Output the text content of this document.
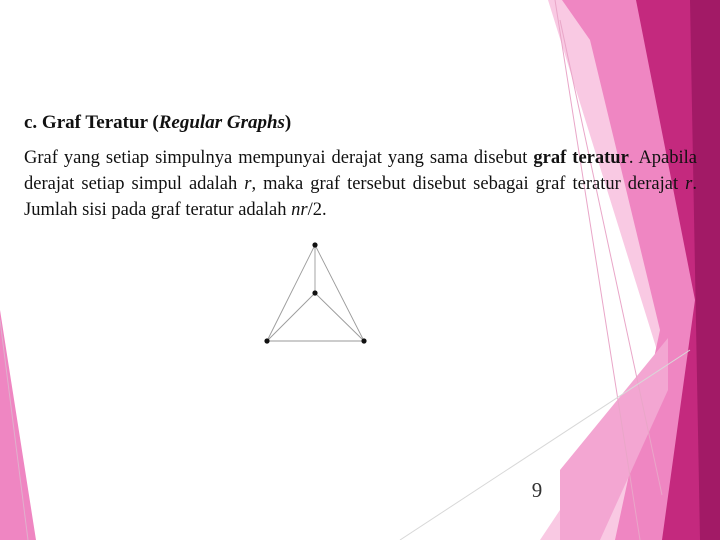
c. Graf Teratur (Regular Graphs)
Graf yang setiap simpulnya mempunyai derajat yang sama disebut graf teratur. Apabila derajat setiap simpul adalah r, maka graf tersebut disebut sebagai graf teratur derajat r. Jumlah sisi pada graf teratur adalah nr/2.
9
